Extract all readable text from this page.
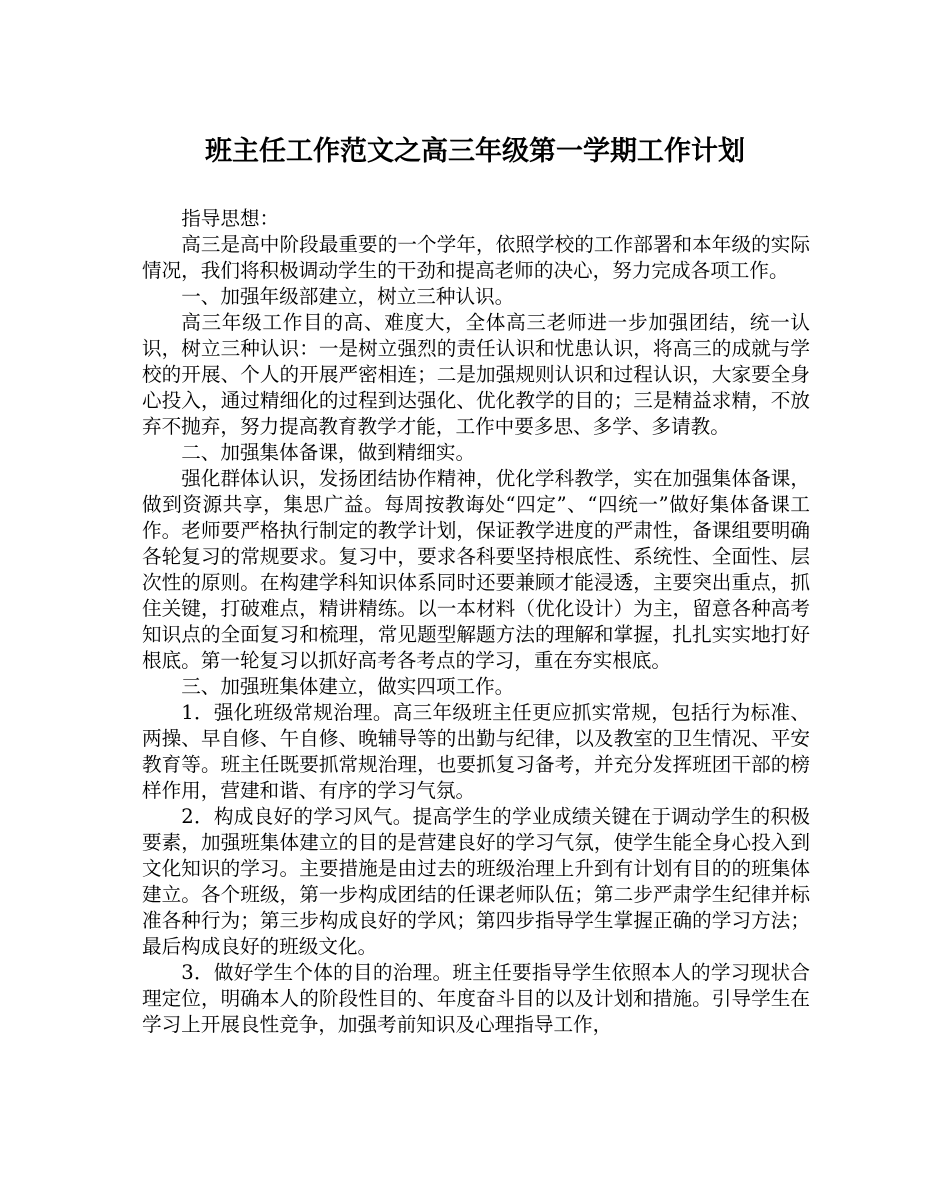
班主任工作范文之高三年级第一学期工作计划

指导思想：

高三是高中阶段最重要的一个学年，依照学校的工作部署和本年级的实际情况，我们将积极调动学生的干劲和提高老师的决心，努力完成各项工作。

一、加强年级部建立，树立三种认识。

高三年级工作目的高、难度大，全体高三老师进一步加强团结，统一认识，树立三种认识：一是树立强烈的责任认识和忧患认识，将高三的成就与学校的开展、个人的开展严密相连；二是加强规则认识和过程认识，大家要全身心投入，通过精细化的过程到达强化、优化教学的目的；三是精益求精，不放弃不抛弃，努力提高教育教学才能，工作中要多思、多学、多请教。

二、加强集体备课，做到精细实。

强化群体认识，发扬团结协作精神，优化学科教学，实在加强集体备课，做到资源共享，集思广益。每周按教诲处“四定”、“四统一”做好集体备课工作。老师要严格执行制定的教学计划，保证教学进度的严肃性，备课组要明确各轮复习的常规要求。复习中，要求各科要坚持根底性、系统性、全面性、层次性的原则。在构建学科知识体系同时还要兼顾才能浸透，主要突出重点，抓住关键，打破难点，精讲精练。以一本材料（优化设计）为主，留意各种高考知识点的全面复习和梳理，常见题型解题方法的理解和掌握，扎扎实实地打好根底。第一轮复习以抓好高考各考点的学习，重在夯实根底。

三、加强班集体建立，做实四项工作。

1．强化班级常规治理。高三年级班主任更应抓实常规，包括行为标准、两操、早自修、午自修、晚辅导等的出勤与纪律，以及教室的卫生情况、平安教育等。班主任既要抓常规治理，也要抓复习备考，并充分发挥班团干部的榜样作用，营建和谐、有序的学习气氛。

2．构成良好的学习风气。提高学生的学业成绩关键在于调动学生的积极要素，加强班集体建立的目的是营建良好的学习气氛，使学生能全身心投入到文化知识的学习。主要措施是由过去的班级治理上升到有计划有目的的班集体建立。各个班级，第一步构成团结的任课老师队伍；第二步严肃学生纪律并标准各种行为；第三步构成良好的学风；第四步指导学生掌握正确的学习方法；最后构成良好的班级文化。

3．做好学生个体的目的治理。班主任要指导学生依照本人的学习现状合理定位，明确本人的阶段性目的、年度奋斗目的以及计划和措施。引导学生在学习上开展良性竞争，加强考前知识及心理指导工作，
